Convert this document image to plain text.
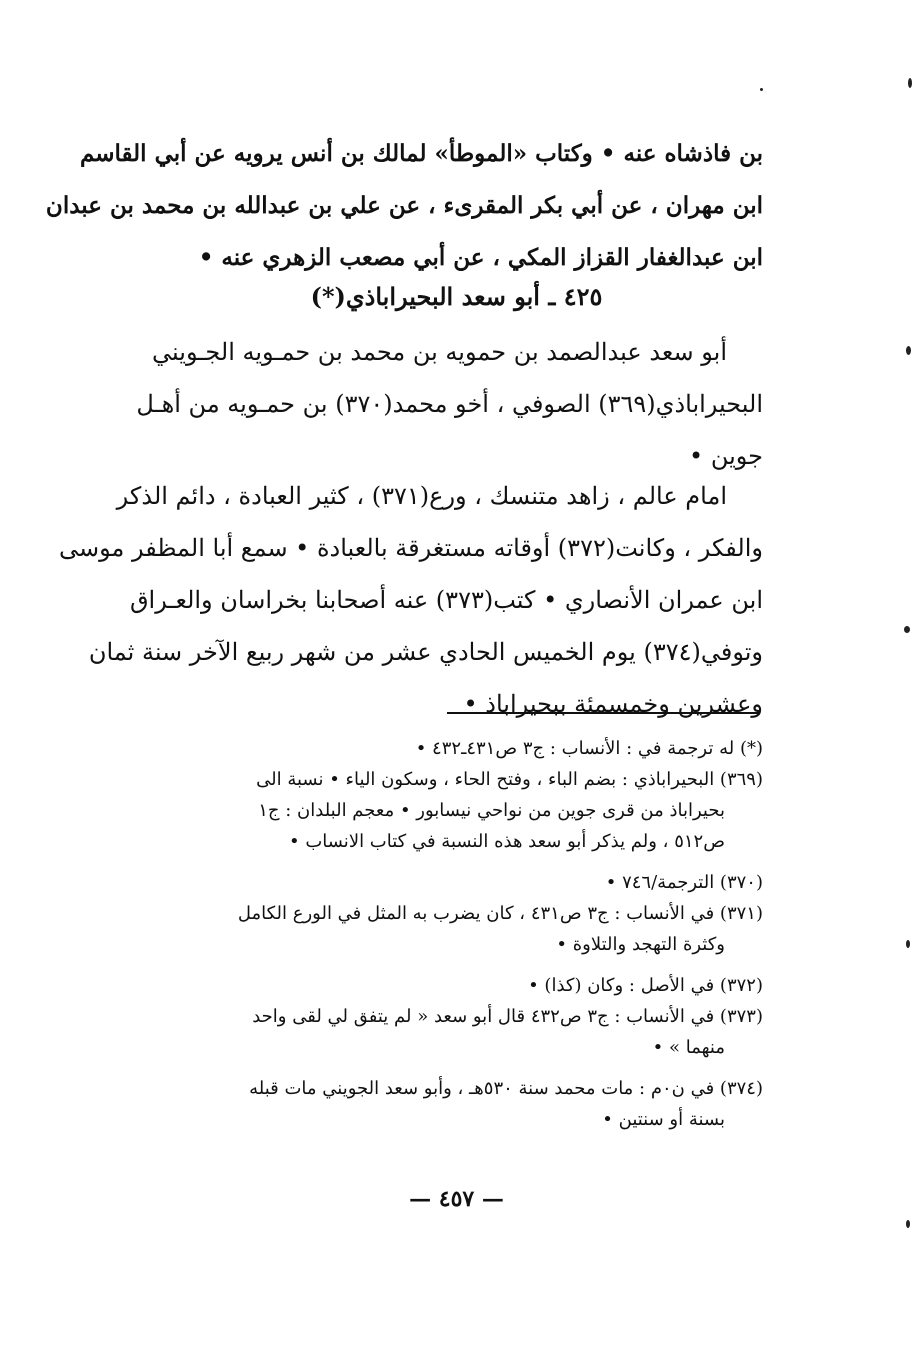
بن فاذشاه عنه • وكتاب «الموطأ» لمالك بن أنس يرويه عن أبي القاسم
ابن مهران ، عن أبي بكر المقرىء ، عن علي بن عبدالله بن محمد بن عبدان
ابن عبدالغفار القزاز المكي ، عن أبي مصعب الزهري عنه •
٤٢٥ ـ أبو سعد البحيراباذي(*)
أبو سعد عبدالصمد بن حمويه بن محمد بن حمـويه الجـويني
البحيراباذي(٣٦٩) الصوفي ، أخو محمد(٣٧٠) بن حمـويه من أهـل
جوين •
امام عالم ، زاهد متنسك ، ورع(٣٧١) ، كثير العبادة ، دائم الذكر
والفكر ، وكانت(٣٧٢) أوقاته مستغرقة بالعبادة • سمع أبا المظفر موسى
ابن عمران الأنصاري • كتب(٣٧٣) عنه أصحابنا بخراسان والعـراق
وتوفي(٣٧٤) يوم الخميس الحادي عشر من شهر ربيع الآخر سنة ثمان
وعشرين وخمسمئة ببحيراباذ •
(*) له ترجمة في : الأنساب : ج٣ ص٤٣١ـ٤٣٢ •
(٣٦٩) البحيراباذي : بضم الباء ، وفتح الحاء ، وسكون الياء • نسبة الى
بحيراباذ من قرى جوين من نواحي نيسابور • معجم البلدان : ج١
ص٥١٢ ، ولم يذكر أبو سعد هذه النسبة في كتاب الانساب •
(٣٧٠) الترجمة/٧٤٦ •
(٣٧١) في الأنساب : ج٣ ص٤٣١ ، كان يضرب به المثل في الورع الكامل
وكثرة التهجد والتلاوة •
(٣٧٢) في الأصل : وكان (كذا) •
(٣٧٣) في الأنساب : ج٣ ص٤٣٢ قال أبو سعد « لم يتفق لي لقى واحد
منهما » •
(٣٧٤) في ن٠م : مات محمد سنة ٥٣٠هـ ، وأبو سعد الجويني مات قبله
بسنة أو سنتين •
— ٤٥٧ —
